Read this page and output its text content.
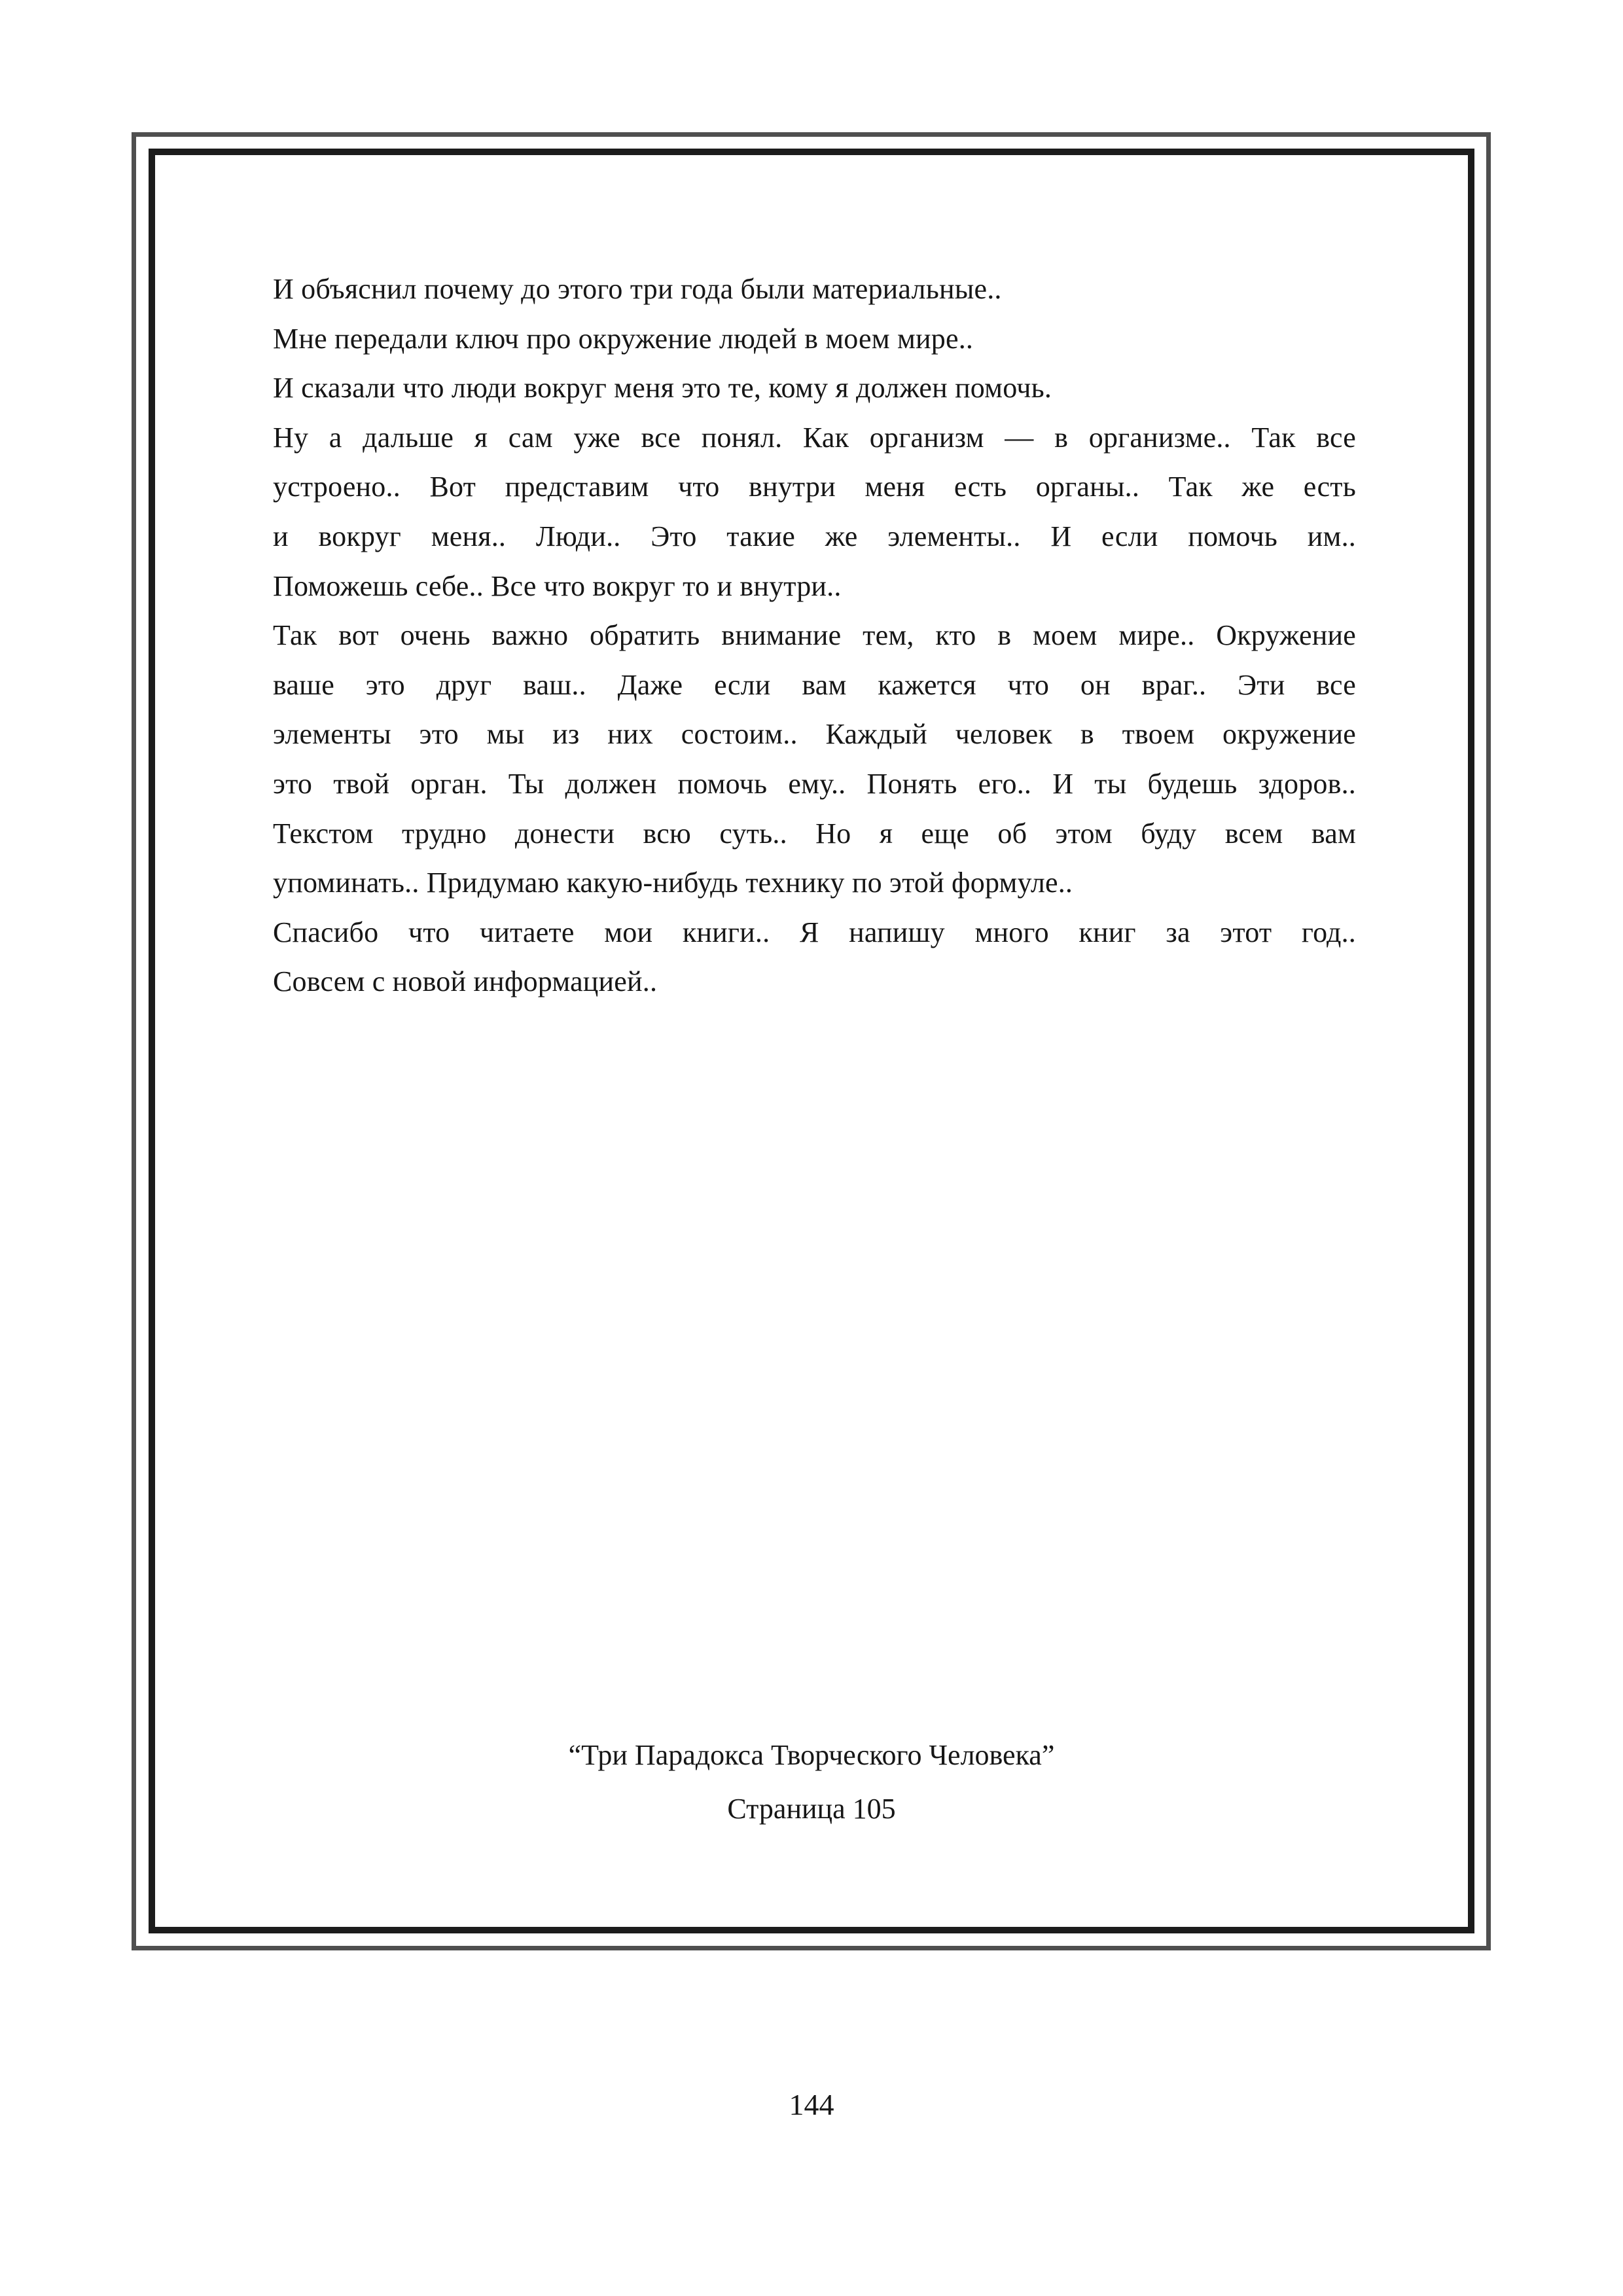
И объяснил почему до этого три года были материальные..
Мне передали ключ про окружение людей в моем мире..
И сказали что люди вокруг меня это те, кому я должен помочь.
Ну а дальше я сам уже все понял. Как организм — в организме.. Так все
устроено.. Вот представим что внутри меня есть органы.. Так же есть
и вокруг меня.. Люди.. Это такие же элементы.. И если помочь им..
Поможешь себе.. Все что вокруг то и внутри..
Так вот очень важно обратить внимание тем, кто в моем мире.. Окружение
ваше это друг ваш.. Даже если вам кажется что он враг.. Эти все
элементы это мы из них состоим.. Каждый человек в твоем окружение
это твой орган. Ты должен помочь ему.. Понять его.. И ты будешь здоров..
Текстом трудно донести всю суть.. Но я еще об этом буду всем вам
упоминать.. Придумаю какую-нибудь технику по этой формуле..
Спасибо что читаете мои книги.. Я напишу много книг за этот год..
Совсем с новой информацией..
“Три Парадокса Творческого Человека”
Страница 105
144
